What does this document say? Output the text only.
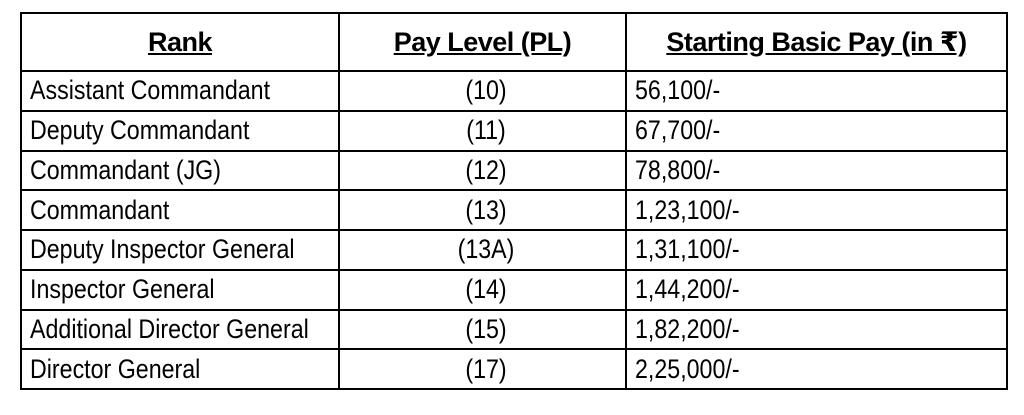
Rank	Pay Level (PL)	Starting Basic Pay (in ₹)
Assistant Commandant	(10)	56,100/-
Deputy Commandant	(11)	67,700/-
Commandant (JG)	(12)	78,800/-
Commandant	(13)	1,23,100/-
Deputy Inspector General	(13A)	1,31,100/-
Inspector General	(14)	1,44,200/-
Additional Director General	(15)	1,82,200/-
Director General	(17)	2,25,000/-
